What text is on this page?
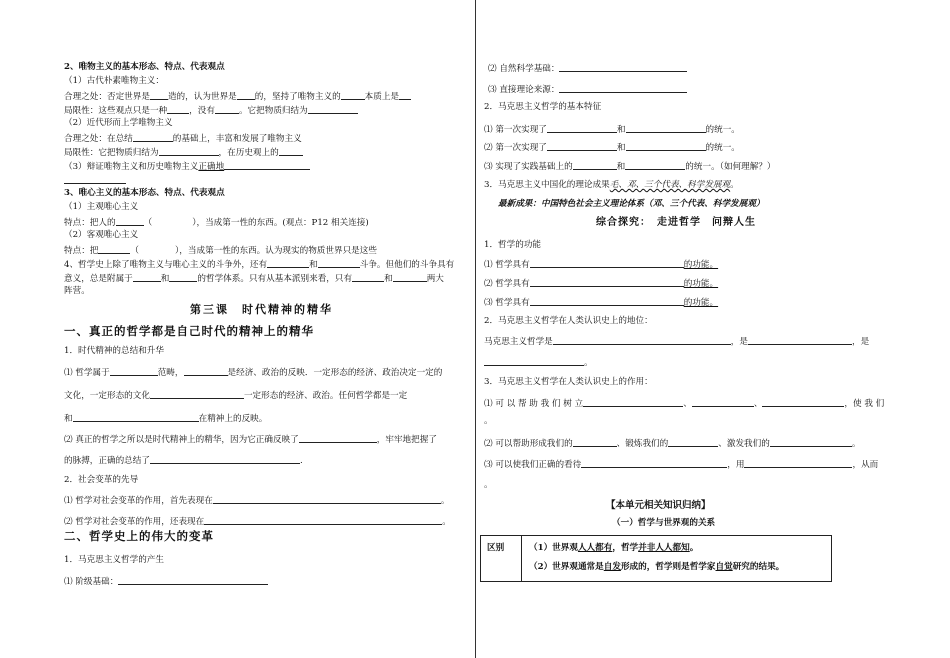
2、唯物主义的基本形态、特点、代表观点
（1）古代朴素唯物主义：
合理之处：否定世界是 造的，认为世界是 的，坚持了唯物主义的	本质上是
局限性：这些观点只是一种	，没有	。它把物质归结为
（2）近代形而上学唯物主义
合理之处：在总结	的基础上，丰富和发展了唯物主义
局限性：它把物质归结为	，在历史观上的
（3）辩证唯物主义和历史唯物主义正确地
3、唯心主义的基本形态、特点、代表观点
（1）主观唯心主义
特点：把人的	（	），当成第一性的东西。(观点：P12 相关连接)
（2）客观唯心主义
特点：把	（	），当成第一性的东西。认为现实的物质世界只是这些
4、哲学史上除了唯物主义与唯心主义的斗争外，还有	和	斗争。但他们的斗争具有
意义，总是附属于	和	的哲学体系。只有从基本派别来看，只有	和	两大
阵营。
第三课　时代精神的精华
一、真正的哲学都是自己时代的精神上的精华
1．时代精神的总结和升华
⑴ 哲学属于	范畴，	是经济、政治的反映．一定形态的经济、政治决定一定的
文化，一定形态的文化	一定形态的经济、政治。任何哲学都是一定
和	在精神上的反映。
⑵ 真正的哲学之所以是时代精神上的精华，因为它正确反映了	，牢牢地把握了
的脉搏，正确的总结了	.
2．社会变革的先导
⑴ 哲学对社会变革的作用，首先表现在	。
⑵ 哲学对社会变革的作用，还表现在	。
二、哲学史上的伟大的变革
1．马克思主义哲学的产生
⑴ 阶级基础：
⑵ 自然科学基础：
⑶ 直接理论来源：
2．马克思主义哲学的基本特征
⑴ 第一次实现了	和	的统一。
⑵ 第一次实现了	和	的统一。
⑶ 实现了实践基础上的	和	的统一。（如何理解？）
3．马克思主义中国化的理论成果毛、邓、三个代表、科学发展观。
最新成果：中国特色社会主义理论体系（邓、三个代表、科学发展观）
综合探究：　走进哲学　问辩人生
1．哲学的功能
⑴ 哲学具有	的功能。
⑵ 哲学具有	的功能。
⑶ 哲学具有	的功能。
2．马克思主义哲学在人类认识史上的地位：
马克思主义哲学是	，是	，是
。
3．马克思主义哲学在人类认识史上的作用：
⑴ 可 以 帮 助 我 们 树 立	、	、	，使 我 们
。
⑵ 可以帮助形成我们的	、锻炼我们的	、激发我们的	。
⑶ 可以使我们正确的看待	，用	，从而
。
【本单元相关知识归纳】
（一）哲学与世界观的关系
区别	（1）世界观人人都有，哲学并非人人都知。
（2）世界观通常是自发形成的，哲学则是哲学家自觉研究的结果。
